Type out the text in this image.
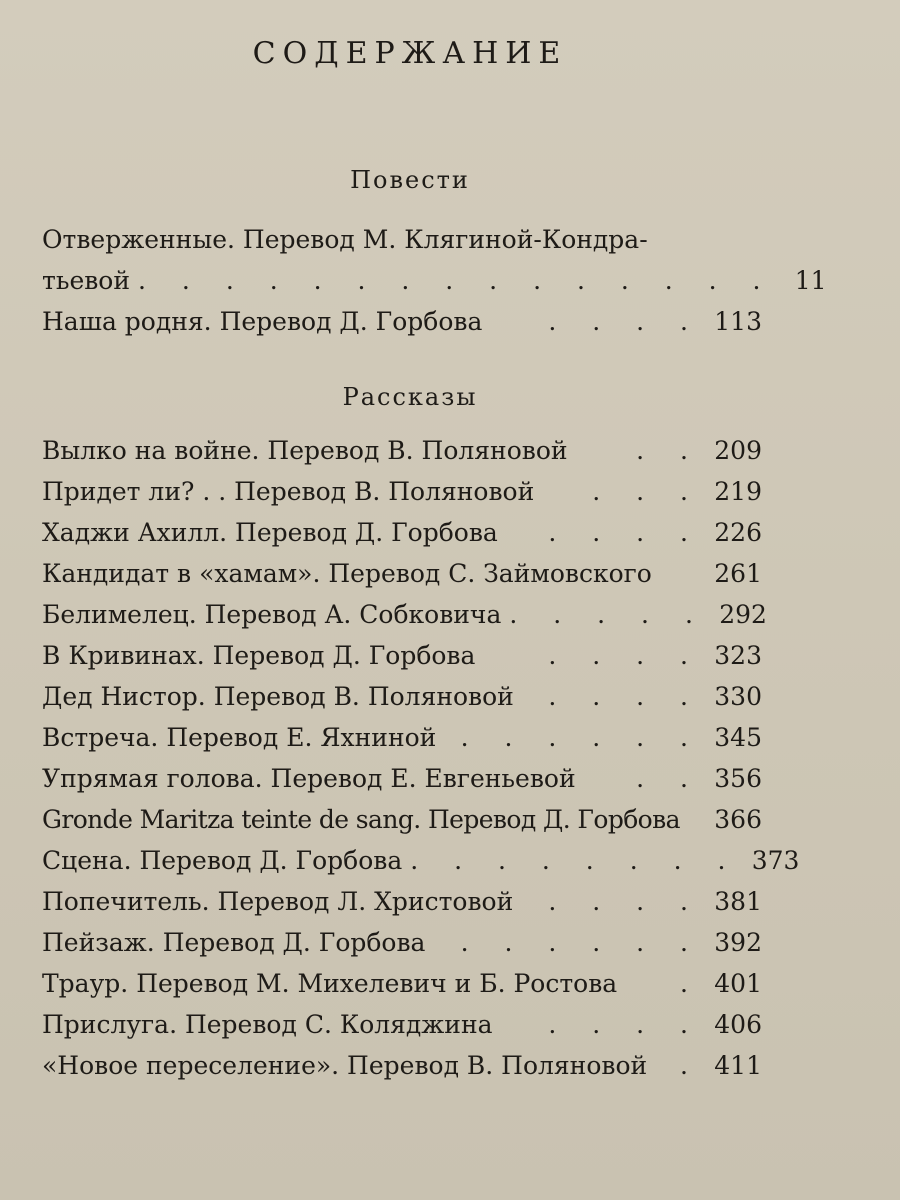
СОДЕРЖАНИЕ
Повести
Отверженные. Перевод М. Клягиной-Кондра-
тьевой . . . . . . . . . . . . . . . 11
Наша родня. Перевод Д. Горбова	. . . . 113
Рассказы
Вылко на войне. Перевод В. Поляновой	. . 209
Придет ли? . . Перевод В. Поляновой	. . . 219
Хаджи Ахилл. Перевод Д. Горбова	. . . . 226
Кандидат в «хамам». Перевод С. Займовского	261
Белимелец. Перевод А. Собковича . . . . . 292
В Кривинах. Перевод Д. Горбова	. . . . 323
Дед Нистор. Перевод В. Поляновой	. . . . 330
Встреча. Перевод Е. Яхниной . . . . . . 345
Упрямая голова. Перевод Е. Евгеньевой	. . 356
Gronde Maritza teinte de sang. Перевод Д. Горбова	366
Сцена. Перевод Д. Горбова . . . . . . . . 373
Попечитель. Перевод Л. Христовой	. . . . 381
Пейзаж. Перевод Д. Горбова	. . . . . . 392
Траур. Перевод М. Михелевич и Б. Ростова	. 401
Прислуга. Перевод С. Коляджина	. . . . 406
«Новое переселение». Перевод В. Поляновой	. 411
